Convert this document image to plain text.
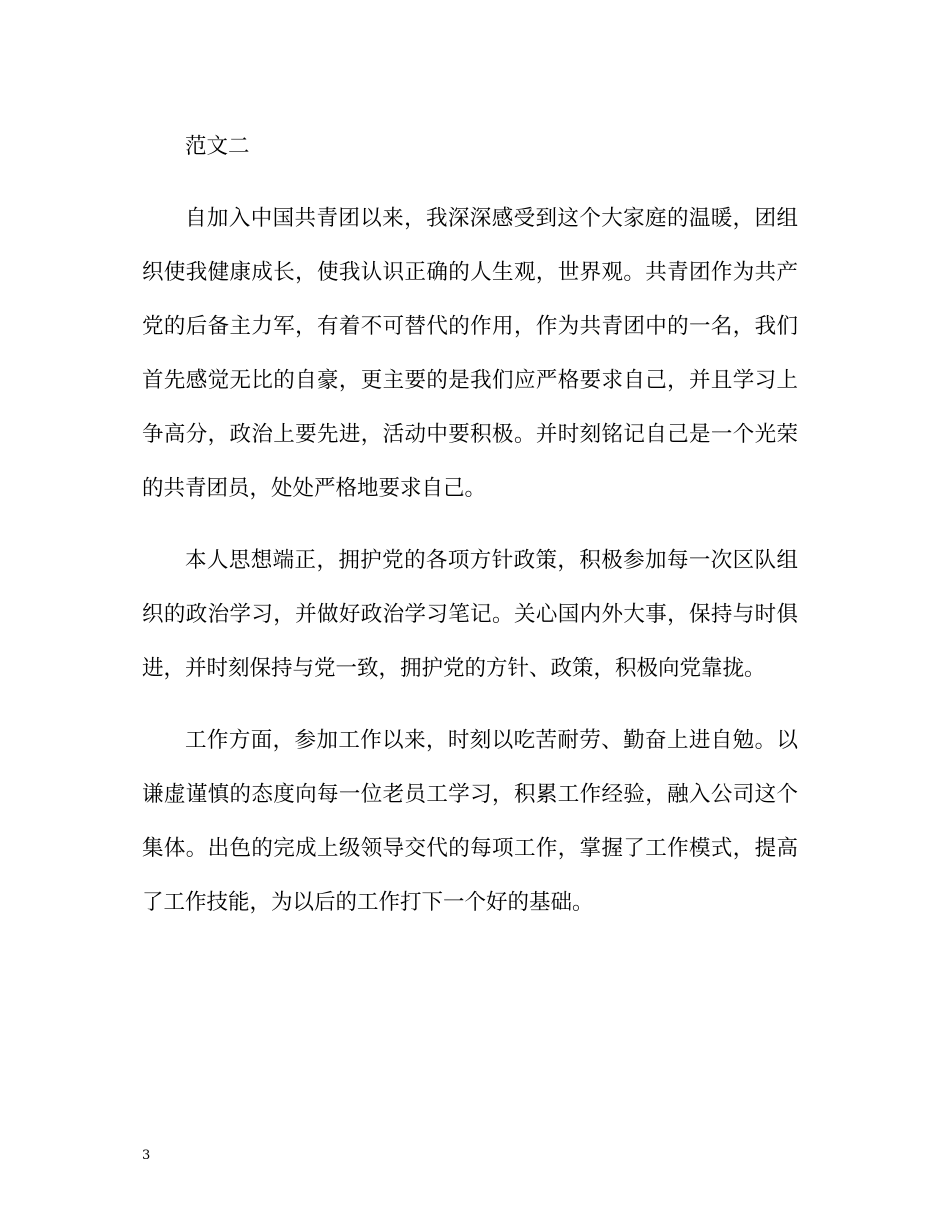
范文二
自加入中国共青团以来，我深深感受到这个大家庭的温暖，团组
织使我健康成长，使我认识正确的人生观，世界观。共青团作为共产
党的后备主力军，有着不可替代的作用，作为共青团中的一名，我们
首先感觉无比的自豪，更主要的是我们应严格要求自己，并且学习上
争高分，政治上要先进，活动中要积极。并时刻铭记自己是一个光荣
的共青团员，处处严格地要求自己。
本人思想端正，拥护党的各项方针政策，积极参加每一次区队组
织的政治学习，并做好政治学习笔记。关心国内外大事，保持与时俱
进，并时刻保持与党一致，拥护党的方针、政策，积极向党靠拢。
工作方面，参加工作以来，时刻以吃苦耐劳、勤奋上进自勉。以
谦虚谨慎的态度向每一位老员工学习，积累工作经验，融入公司这个
集体。出色的完成上级领导交代的每项工作，掌握了工作模式，提高
了工作技能，为以后的工作打下一个好的基础。
3
